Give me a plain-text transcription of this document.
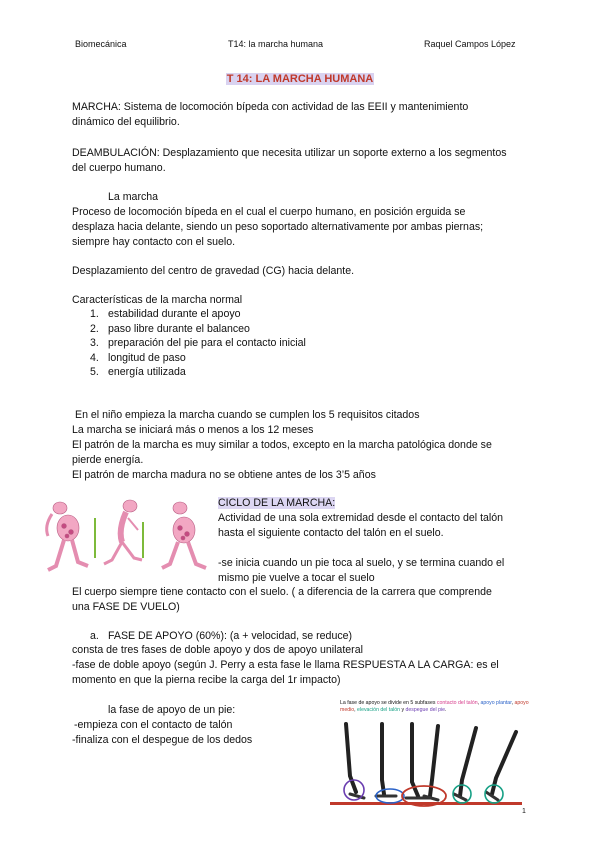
Biomecánica	T14: la marcha humana	Raquel Campos López
T 14: LA MARCHA HUMANA
MARCHA: Sistema de locomoción bípeda con actividad de las EEII y mantenimiento
dinámico del equilibrio.
DEAMBULACIÓN: Desplazamiento que necesita utilizar un soporte externo a los segmentos
del cuerpo humano.
La marcha
Proceso de locomoción bípeda en el cual el cuerpo humano, en posición erguida se
desplaza hacia delante, siendo un peso soportado alternativamente por ambas piernas;
siempre hay contacto con el suelo.
Desplazamiento del centro de gravedad (CG) hacia delante.
Características de la marcha normal
1. estabilidad durante el apoyo
2. paso libre durante el balanceo
3. preparación del pie para el contacto inicial
4. longitud de paso
5. energía utilizada
En el niño empieza la marcha cuando se cumplen los 5 requisitos citados
La marcha se iniciará más o menos a los 12 meses
El patrón de la marcha es muy similar a todos, excepto en la marcha patológica donde se
pierde energía.
El patrón de marcha madura no se obtiene antes de los 3’5 años
CICLO DE LA MARCHA:
Actividad de una sola extremidad desde el contacto del talón
hasta el siguiente contacto del talón en el suelo.
-se inicia cuando un pie toca al suelo, y se termina cuando el
mismo pie vuelve a tocar el suelo
El cuerpo siempre tiene contacto con el suelo. ( a diferencia de la carrera que comprende
una FASE DE VUELO)
a. FASE DE APOYO (60%): (a + velocidad, se reduce)
consta de tres fases de doble apoyo y dos de apoyo unilateral
-fase de doble apoyo (según J. Perry a esta fase le llama RESPUESTA A LA CARGA: es el
momento en que la pierna recibe la carga del 1r impacto)
la fase de apoyo de un pie:
-empieza con el contacto de talón
-finaliza con el despegue de los dedos
La fase de apoyo se divide en 5 subfases contacto del talón, apoyo plantar, apoyo medio, elevación del talón y despegue del pie.
1
